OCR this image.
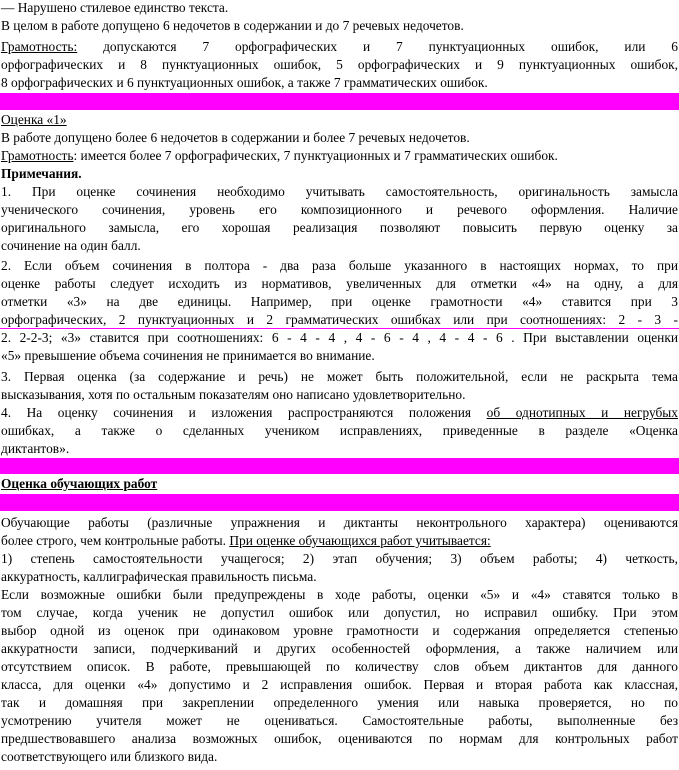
— Нарушено стилевое единство текста.
В целом в работе допущено 6 недочетов в содержании и до 7 речевых недочетов.
Грамотность: допускаются 7 орфографических и 7 пунктуационных ошибок, или 6
орфографических и 8 пунктуационных ошибок, 5 орфографических и 9 пунктуационных ошибок,
8 орфографических и 6 пунктуационных ошибок, а также 7 грамматических ошибок.
Оценка «1»
В работе допущено более 6 недочетов в содержании и более 7 речевых недочетов.
Грамотность: имеется более 7 орфографических, 7 пунктуационных и 7 грамматических ошибок.
Примечания.
1. При оценке сочинения необходимо учитывать самостоятельность, оригинальность замысла
ученического сочинения, уровень его композиционного и речевого оформления. Наличие
оригинального замысла, его хорошая реализация позволяют повысить первую оценку за
сочинение на один балл.
2. Если объем сочинения в полтора - два раза больше указанного в настоящих нормах, то при
оценке работы следует исходить из нормативов, увеличенных для отметки «4» на одну, а для
отметки «3» на две единицы. Например, при оценке грамотности «4» ставится при 3
орфографических, 2 пунктуационных и 2 грамматических ошибках или при соотношениях: 2 - 3 -
2. 2-2-3; «3» ставится при соотношениях: 6 - 4 - 4 , 4 - 6 - 4 , 4 - 4 - 6 . При выставлении оценки
«5» превышение объема сочинения не принимается во внимание.
3. Первая оценка (за содержание и речь) не может быть положительной, если не раскрыта тема
высказывания, хотя по остальным показателям оно написано удовлетворительно.
4. На оценку сочинения и изложения распространяются положения об однотипных и негрубых
ошибках, а также о сделанных учеником исправлениях, приведенные в разделе «Оценка
диктантов».
Оценка обучающих работ
Обучающие работы (различные упражнения и диктанты неконтрольного характера) оцениваются
более строго, чем контрольные работы. При оценке обучающихся работ учитывается:
1) степень самостоятельности учащегося; 2) этап обучения; 3) объем работы; 4) четкость,
аккуратность, каллиграфическая правильность письма.
Если возможные ошибки были предупреждены в ходе работы, оценки «5» и «4» ставятся только в
том случае, когда ученик не допустил ошибок или допустил, но исправил ошибку. При этом
выбор одной из оценок при одинаковом уровне грамотности и содержания определяется степенью
аккуратности записи, подчеркиваний и других особенностей оформления, а также наличием или
отсутствием описок. В работе, превышающей по количеству слов объем диктантов для данного
класса, для оценки «4» допустимо и 2 исправления ошибок. Первая и вторая работа как классная,
так и домашняя при закреплении определенного умения или навыка проверяется, но по
усмотрению учителя может не оцениваться. Самостоятельные работы, выполненные без
предшествовавшего анализа возможных ошибок, оцениваются по нормам для контрольных работ
соответствующего или близкого вида.
